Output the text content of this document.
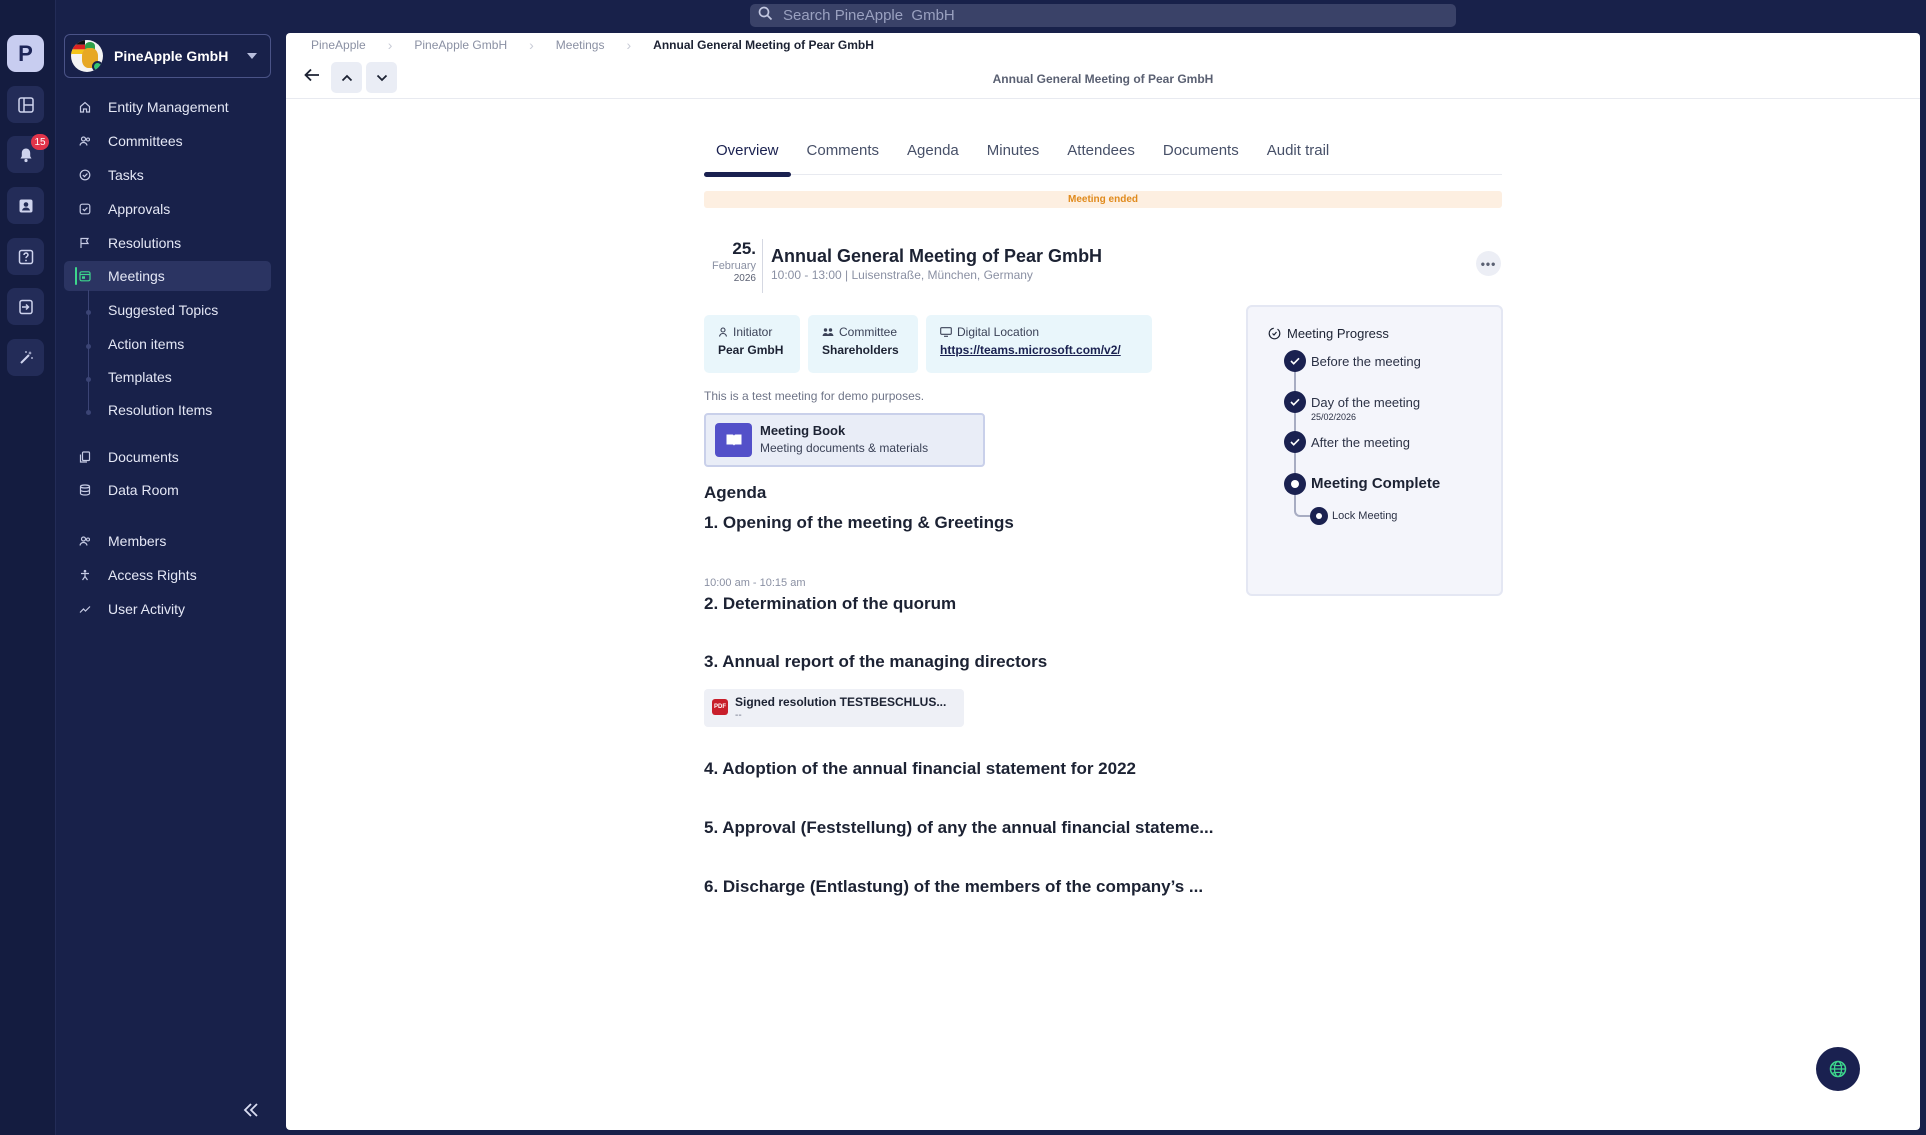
P
15
PineApple GmbH
Entity Management
Committees
Tasks
Approvals
Resolutions
Meetings
Suggested Topics
Action items
Templates
Resolution Items
Documents
Data Room
Members
Access Rights
User Activity
Search PineApple GmbH
PineApple › PineApple GmbH › Meetings › Annual General Meeting of Pear GmbH
Annual General Meeting of Pear GmbH
Overview	Comments	Agenda	Minutes	Attendees	Documents	Audit trail
Meeting ended
25.
February
2026
Annual General Meeting of Pear GmbH
10:00 - 13:00 | Luisenstraße, München, Germany
•••
Initiator
Pear GmbH
Committee
Shareholders
Digital Location
https://teams.microsoft.com/v2/
This is a test meeting for demo purposes.
Meeting Book
Meeting documents & materials
Agenda
1. Opening of the meeting & Greetings
10:00 am - 10:15 am
2. Determination of the quorum
3. Annual report of the managing directors
PDF Signed resolution TESTBESCHLUS...
--
4. Adoption of the annual financial statement for 2022
5. Approval (Feststellung) of any the annual financial stateme...
6. Discharge (Entlastung) of the members of the company’s ...
Meeting Progress
Before the meeting
Day of the meeting
25/02/2026
After the meeting
Meeting Complete
Lock Meeting
